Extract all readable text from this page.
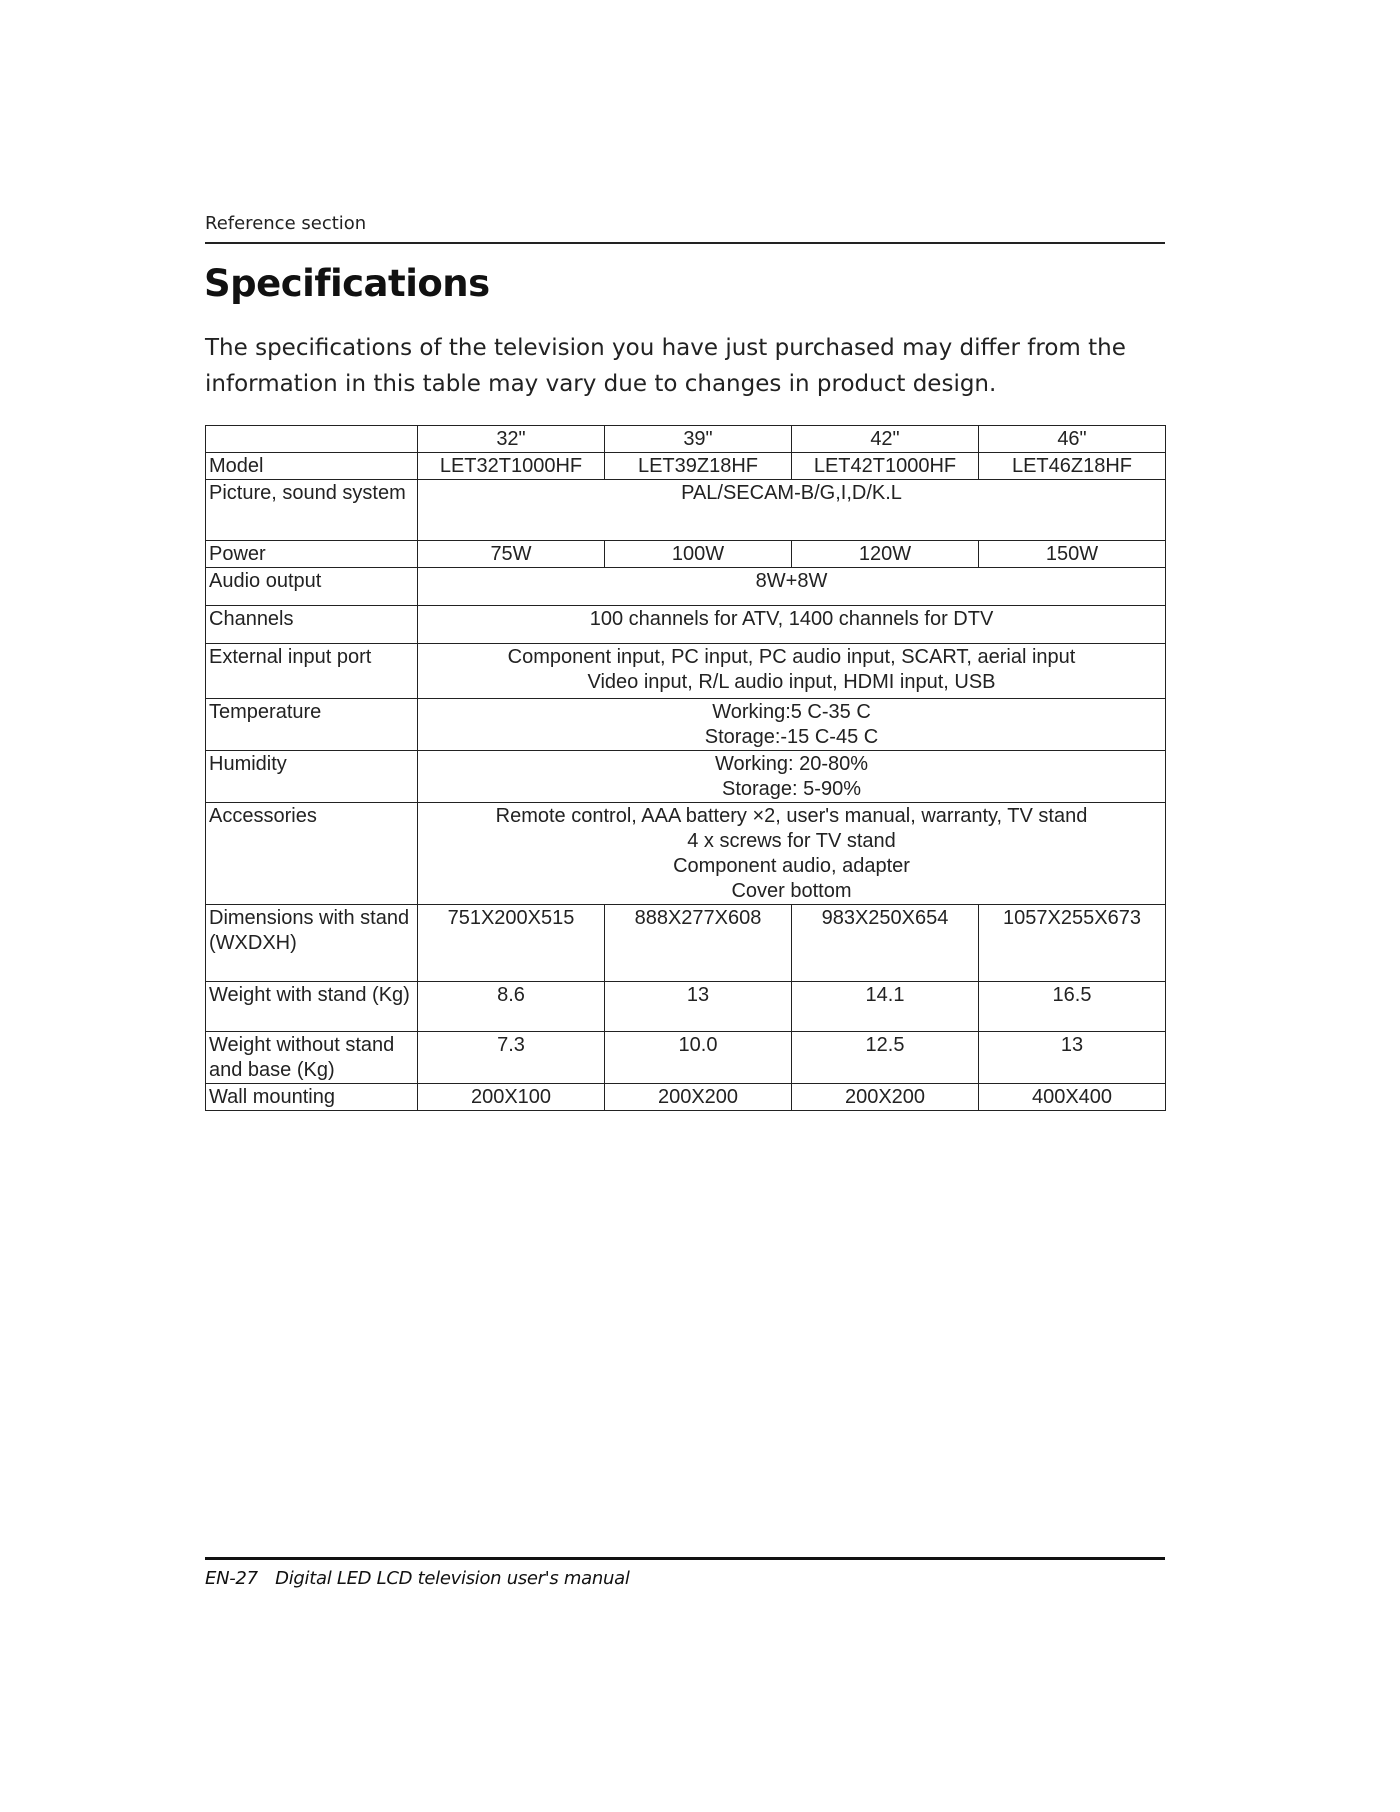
Reference section
Specifications

The specifications of the television you have just purchased may differ from the information in this table may vary due to changes in product design.

	32"	39"	42"	46"
Model	LET32T1000HF	LET39Z18HF	LET42T1000HF	LET46Z18HF
Picture, sound system	PAL/SECAM-B/G,I,D/K.L			
Power	75W	100W	120W	150W
Audio output	8W+8W			
Channels	100 channels for ATV, 1400 channels for DTV			
External input port	Component input, PC input, PC audio input, SCART, aerial input
Video input, R/L audio input, HDMI input, USB			

Temperature	Working:5 C-35 C
Storage:-15 C-45 C			

Humidity	Working: 20-80%
Storage: 5-90%			

Accessories	Remote control, AAA battery ×2, user's manual, warranty, TV stand
4 x screws for TV stand
Component audio, adapter
Cover bottom			

Dimensions with stand (WXDXH)	751X200X515	888X277X608	983X250X654	1057X255X673
Weight with stand (Kg)	8.6	13	14.1	16.5
Weight without stand and base (Kg)	7.3	10.0	12.5	13
Wall mounting	200X100	200X200	200X200	400X400
EN-27 Digital LED LCD television user's manual
